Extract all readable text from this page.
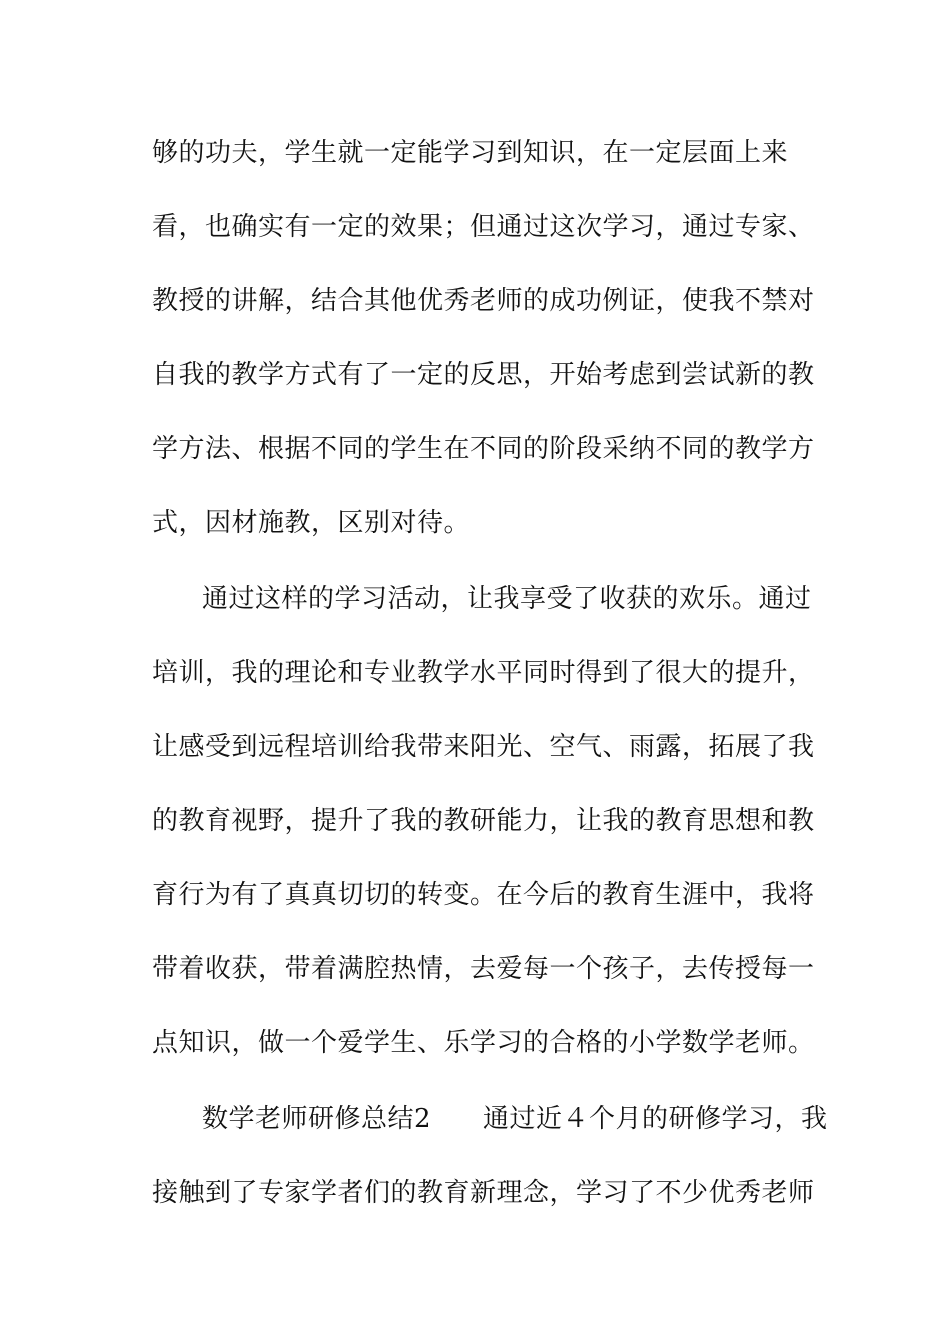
够的功夫，学生就一定能学习到知识，在一定层面上来
看，也确实有一定的效果；但通过这次学习，通过专家、
教授的讲解，结合其他优秀老师的成功例证，使我不禁对
自我的教学方式有了一定的反思，开始考虑到尝试新的教
学方法、根据不同的学生在不同的阶段采纳不同的教学方
式，因材施教，区别对待。
通过这样的学习活动，让我享受了收获的欢乐。通过
培训，我的理论和专业教学水平同时得到了很大的提升，
让感受到远程培训给我带来阳光、空气、雨露，拓展了我
的教育视野，提升了我的教研能力，让我的教育思想和教
育行为有了真真切切的转变。在今后的教育生涯中，我将
带着收获，带着满腔热情，去爱每一个孩子，去传授每一
点知识，做一个爱学生、乐学习的合格的小学数学老师。
数学老师研修总结2 通过近４个月的研修学习，我
接触到了专家学者们的教育新理念，学习了不少优秀老师
